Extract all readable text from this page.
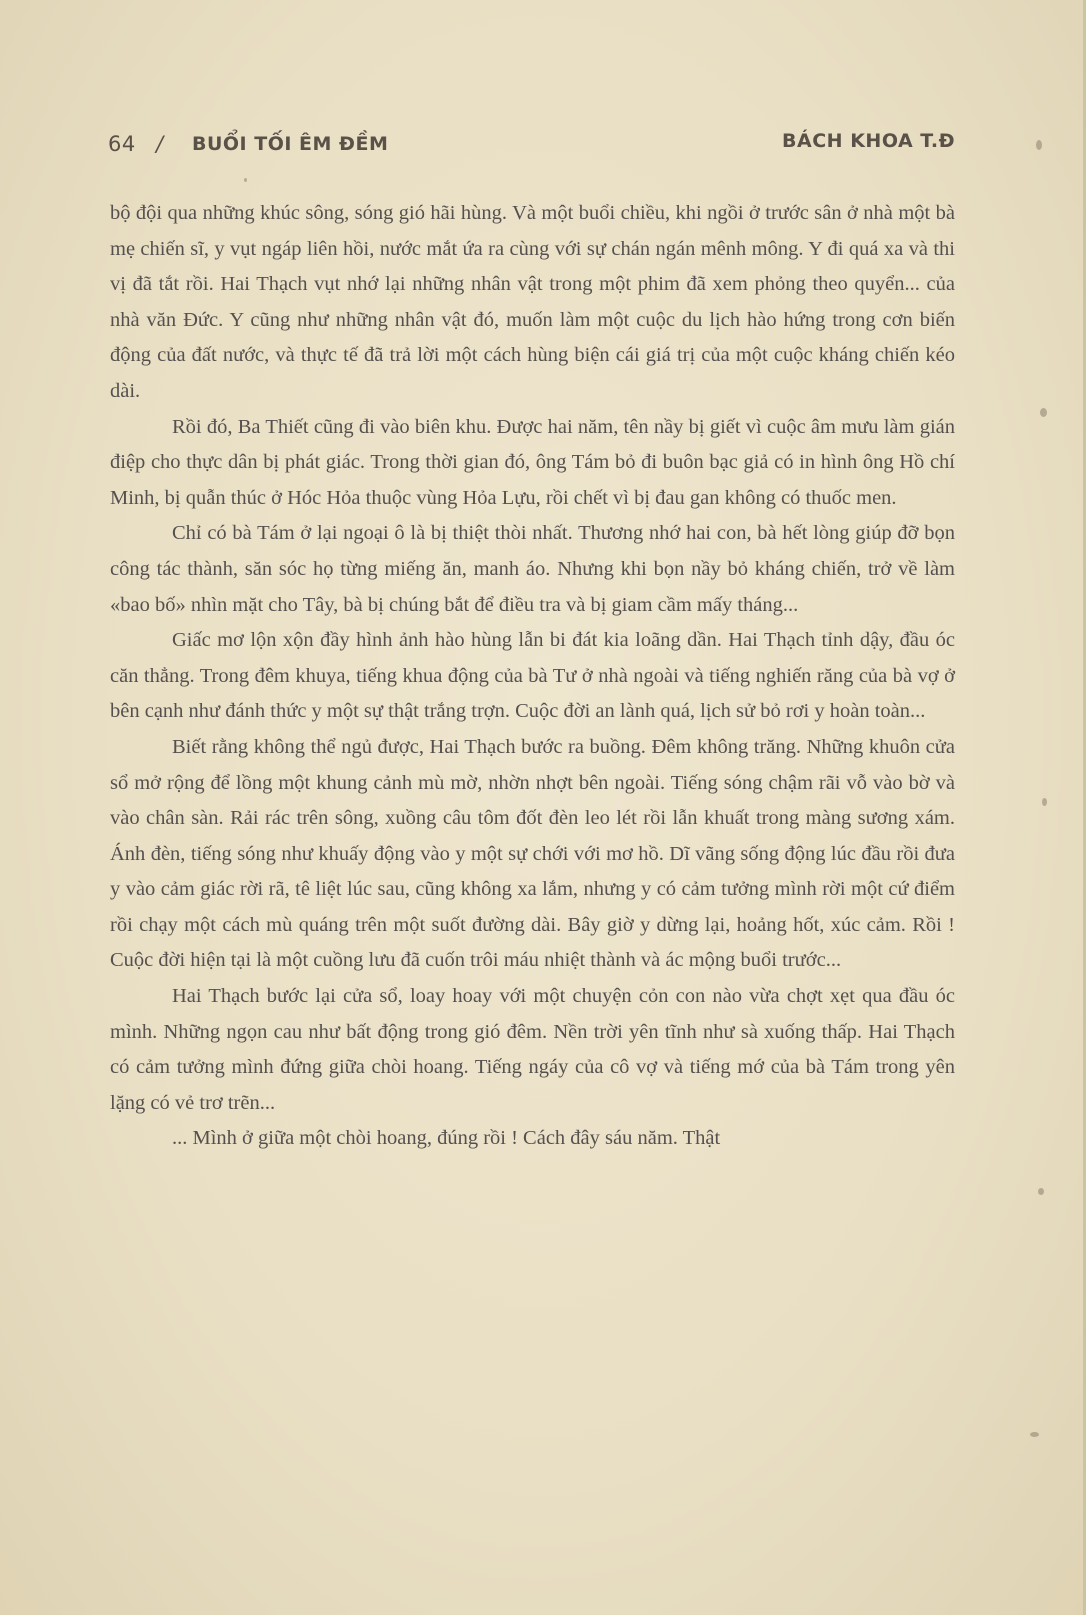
64 / BUỔI TỐI ÊM ĐỀM	BÁCH KHOA T.Đ

bộ đội qua những khúc sông, sóng gió hãi hùng. Và một buổi chiều, khi ngồi ở trước sân ở nhà một bà mẹ chiến sĩ, y vụt ngáp liên hồi, nước mắt ứa ra cùng với sự chán ngán mênh mông. Y đi quá xa và thi vị đã tắt rồi. Hai Thạch vụt nhớ lại những nhân vật trong một phim đã xem phỏng theo quyển... của nhà văn Đức. Y cũng như những nhân vật đó, muốn làm một cuộc du lịch hào hứng trong cơn biến động của đất nước, và thực tế đã trả lời một cách hùng biện cái giá trị của một cuộc kháng chiến kéo dài.

Rồi đó, Ba Thiết cũng đi vào biên khu. Được hai năm, tên nầy bị giết vì cuộc âm mưu làm gián điệp cho thực dân bị phát giác. Trong thời gian đó, ông Tám bỏ đi buôn bạc giả có in hình ông Hồ chí Minh, bị quẫn thúc ở Hóc Hỏa thuộc vùng Hỏa Lựu, rồi chết vì bị đau gan không có thuốc men.

Chỉ có bà Tám ở lại ngoại ô là bị thiệt thòi nhất. Thương nhớ hai con, bà hết lòng giúp đỡ bọn công tác thành, săn sóc họ từng miếng ăn, manh áo. Nhưng khi bọn nầy bỏ kháng chiến, trở về làm «bao bố» nhìn mặt cho Tây, bà bị chúng bắt để điều tra và bị giam cầm mấy tháng...

Giấc mơ lộn xộn đầy hình ảnh hào hùng lẫn bi đát kia loãng dần. Hai Thạch tỉnh dậy, đầu óc căn thẳng. Trong đêm khuya, tiếng khua động của bà Tư ở nhà ngoài và tiếng nghiến răng của bà vợ ở bên cạnh như đánh thức y một sự thật trắng trợn. Cuộc đời an lành quá, lịch sử bỏ rơi y hoàn toàn...

Biết rằng không thể ngủ được, Hai Thạch bước ra buồng. Đêm không trăng. Những khuôn cửa sổ mở rộng để lồng một khung cảnh mù mờ, nhờn nhợt bên ngoài. Tiếng sóng chậm rãi vỗ vào bờ và vào chân sàn. Rải rác trên sông, xuồng câu tôm đốt đèn leo lét rồi lẫn khuất trong màng sương xám. Ánh đèn, tiếng sóng như khuấy động vào y một sự chới với mơ hồ. Dĩ vãng sống động lúc đầu rồi đưa y vào cảm giác rời rã, tê liệt lúc sau, cũng không xa lắm, nhưng y có cảm tưởng mình rời một cứ điểm rồi chạy một cách mù quáng trên một suốt đường dài. Bây giờ y dừng lại, hoảng hốt, xúc cảm. Rồi ! Cuộc đời hiện tại là một cuồng lưu đã cuốn trôi máu nhiệt thành và ác mộng buổi trước...

Hai Thạch bước lại cửa sổ, loay hoay với một chuyện cỏn con nào vừa chợt xẹt qua đầu óc mình. Những ngọn cau như bất động trong gió đêm. Nền trời yên tĩnh như sà xuống thấp. Hai Thạch có cảm tưởng mình đứng giữa chòi hoang. Tiếng ngáy của cô vợ và tiếng mớ của bà Tám trong yên lặng có vẻ trơ trẽn...

... Mình ở giữa một chòi hoang, đúng rồi ! Cách đây sáu năm. Thật
